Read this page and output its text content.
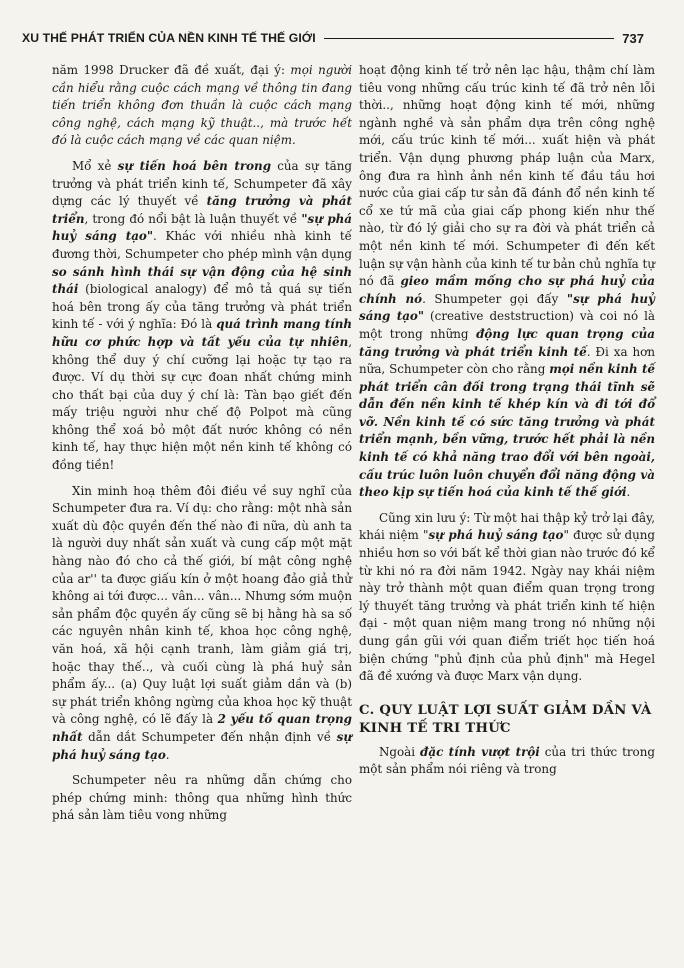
XU THẾ PHÁT TRIỂN CỦA NỀN KINH TẾ THẾ GIỚI	737

năm 1998 Drucker đã đề xuất, đại ý: mọi người cần hiểu rằng cuộc cách mạng về thông tin đang tiến triển không đơn thuần là cuộc cách mạng công nghệ, cách mạng kỹ thuật.., mà trước hết đó là cuộc cách mạng về các quan niệm.

Mổ xẻ sự tiến hoá bên trong của sự tăng trưởng và phát triển kinh tế, Schumpeter đã xây dựng các lý thuyết về tăng trưởng và phát triển, trong đó nổi bật là luận thuyết về "sự phá huỷ sáng tạo". Khác với nhiều nhà kinh tế đương thời, Schumpeter cho phép mình vận dụng so sánh hình thái sự vận động của hệ sinh thái (biological analogy) để mô tả quá sự tiến hoá bên trong ấy của tăng trưởng và phát triển kinh tế - với ý nghĩa: Đó là quá trình mang tính hữu cơ phức hợp và tất yếu của tự nhiên, không thể duy ý chí cưỡng lại hoặc tự tạo ra được. Ví dụ thời sự cực đoan nhất chứng minh cho thất bại của duy ý chí là: Tàn bạo giết đến mấy triệu người như chế độ Polpot mà cũng không thể xoá bỏ một đất nước không có nền kinh tế, hay thực hiện một nền kinh tế không có đồng tiền!

Xin minh hoạ thêm đôi điều về suy nghĩ của Schumpeter đưa ra. Ví dụ: cho rằng: một nhà sản xuất dù độc quyền đến thế nào đi nữa, dù anh ta là người duy nhất sản xuất và cung cấp một mặt hàng nào đó cho cả thế giới, bí mật công nghệ của ar'' ta được giấu kín ở một hoang đảo giả thử không ai tới được... vân... vân... Nhưng sớm muộn sản phẩm độc quyền ấy cũng sẽ bị hằng hà sa số các nguyên nhân kinh tế, khoa học công nghệ, văn hoá, xã hội cạnh tranh, làm giảm giá trị, hoặc thay thế.., và cuối cùng là phá huỷ sản phẩm ấy... (a) Quy luật lợi suất giảm dần và (b) sự phát triển không ngừng của khoa học kỹ thuật và công nghệ, có lẽ đấy là 2 yếu tố quan trọng nhất dẫn dắt Schumpeter đến nhận định về sự phá huỷ sáng tạo.

Schumpeter nêu ra những dẫn chứng cho phép chứng minh: thông qua những hình thức phá sản làm tiêu vong những

hoạt động kinh tế trở nên lạc hậu, thậm chí làm tiêu vong những cấu trúc kinh tế đã trở nên lỗi thời.., những hoạt động kinh tế mới, những ngành nghề và sản phẩm dựa trên công nghệ mới, cấu trúc kinh tế mới... xuất hiện và phát triển. Vận dụng phương pháp luận của Marx, ông đưa ra hình ảnh nền kinh tế đầu tầu hơi nước của giai cấp tư sản đã đánh đổ nền kinh tế cổ xe tứ mã của giai cấp phong kiến như thế nào, từ đó lý giải cho sự ra đời và phát triển cả một nền kinh tế mới. Schumpeter đi đến kết luận sự vận hành của kinh tế tư bản chủ nghĩa tự nó đã gieo mầm mống cho sự phá huỷ của chính nó. Shumpeter gọi đấy "sự phá huỷ sáng tạo" (creative deststruction) và coi nó là một trong những động lực quan trọng của tăng trưởng và phát triển kinh tế. Đi xa hơn nữa, Schumpeter còn cho rằng mọi nền kinh tế phát triển cân đối trong trạng thái tĩnh sẽ dẫn đến nền kinh tế khép kín và đi tới đổ vỡ. Nền kinh tế có sức tăng trưởng và phát triển mạnh, bền vững, trước hết phải là nền kinh tế có khả năng trao đổi với bên ngoài, cấu trúc luôn luôn chuyển đổi năng động và theo kịp sự tiến hoá của kinh tế thế giới.

Cũng xin lưu ý: Từ một hai thập kỷ trở lại đây, khái niệm "sự phá huỷ sáng tạo" được sử dụng nhiều hơn so với bất kể thời gian nào trước đó kể từ khi nó ra đời năm 1942. Ngày nay khái niệm này trở thành một quan điểm quan trọng trong lý thuyết tăng trưởng và phát triển kinh tế hiện đại - một quan niệm mang trong nó những nội dung gần gũi với quan điểm triết học tiến hoá biện chứng "phủ định của phủ định" mà Hegel đã đề xướng và được Marx vận dụng.

C. QUY LUẬT LỢI SUẤT GIẢM DẦN VÀ KINH TẾ TRI THỨC

Ngoài đặc tính vượt trội của tri thức trong một sản phẩm nói riêng và trong
